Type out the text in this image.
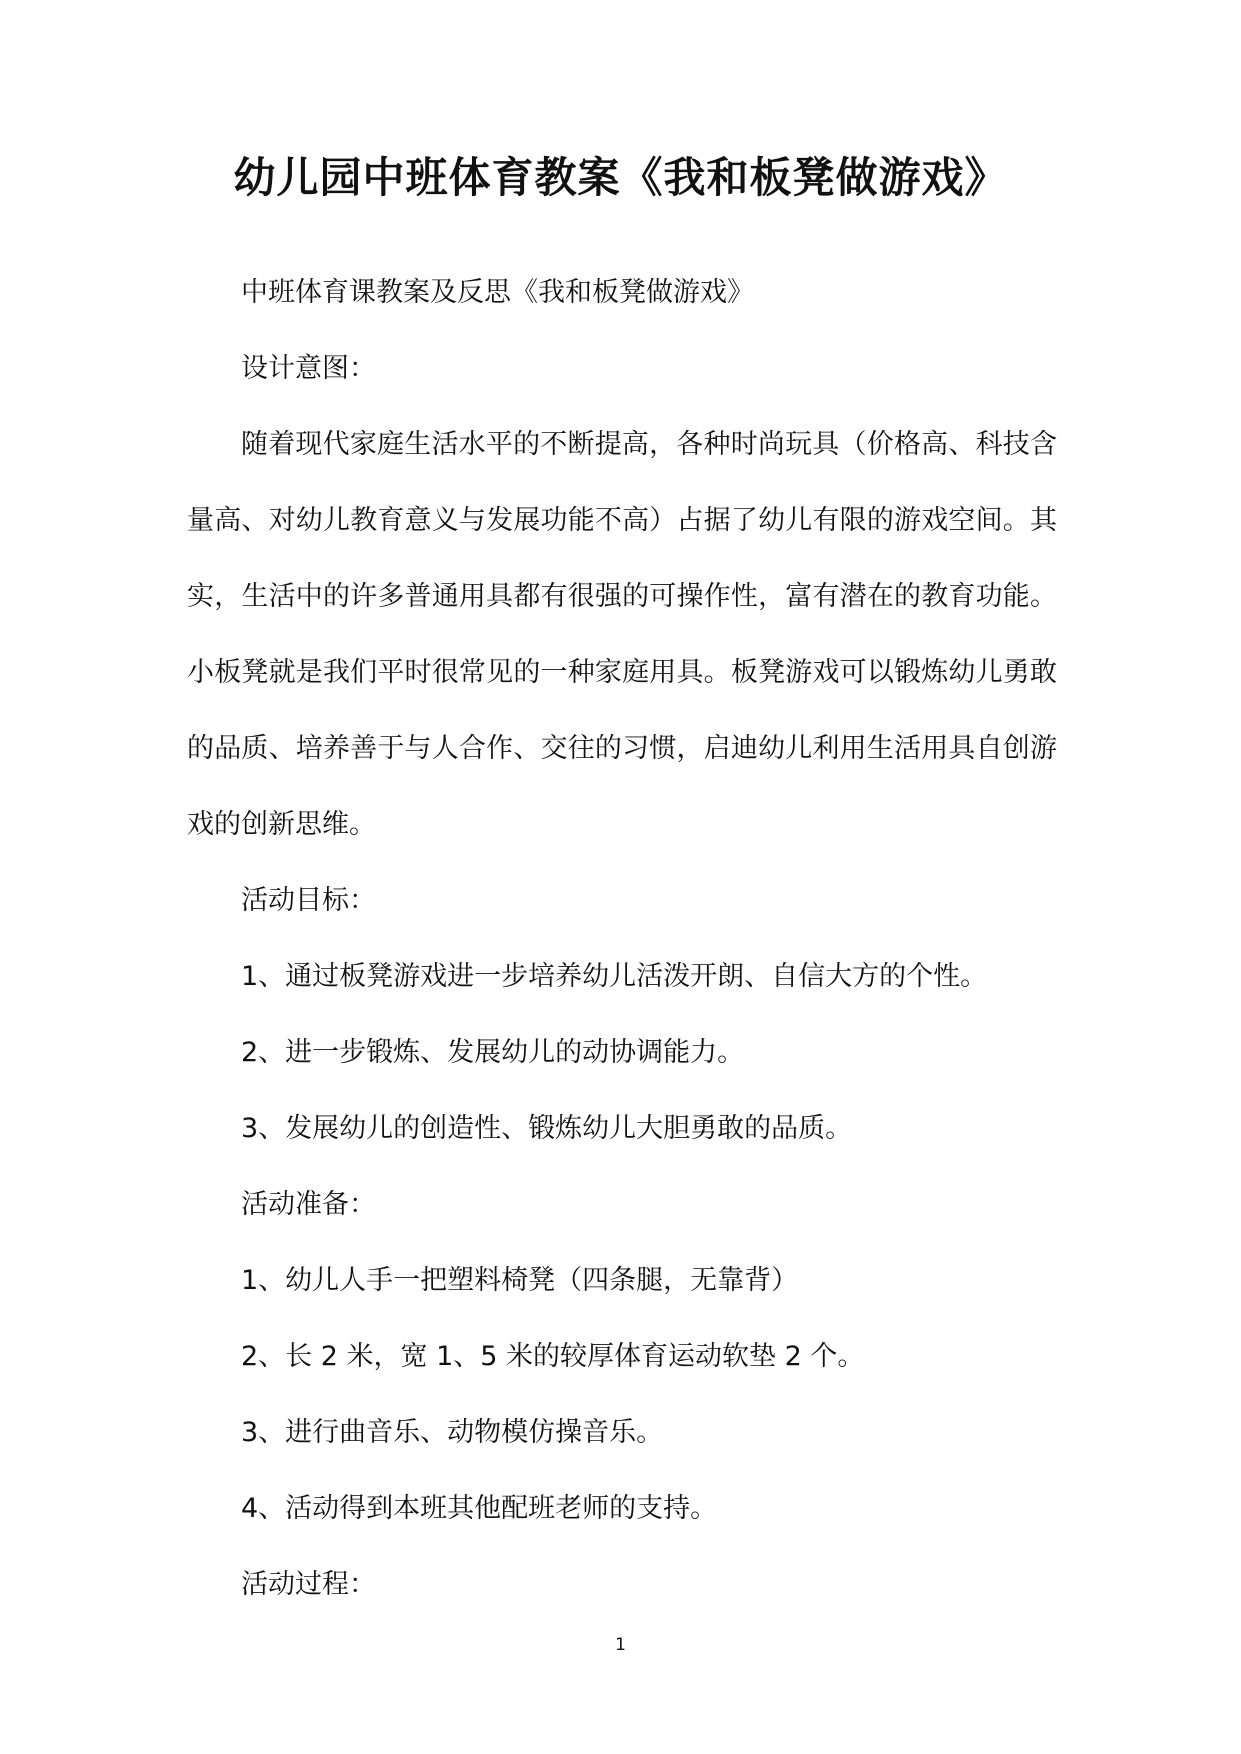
幼儿园中班体育教案《我和板凳做游戏》

中班体育课教案及反思《我和板凳做游戏》

设计意图：

随着现代家庭生活水平的不断提高，各种时尚玩具（价格高、科技含量高、对幼儿教育意义与发展功能不高）占据了幼儿有限的游戏空间。其实，生活中的许多普通用具都有很强的可操作性，富有潜在的教育功能。小板凳就是我们平时很常见的一种家庭用具。板凳游戏可以锻炼幼儿勇敢的品质、培养善于与人合作、交往的习惯，启迪幼儿利用生活用具自创游戏的创新思维。

活动目标：

1、通过板凳游戏进一步培养幼儿活泼开朗、自信大方的个性。

2、进一步锻炼、发展幼儿的动协调能力。

3、发展幼儿的创造性、锻炼幼儿大胆勇敢的品质。

活动准备：

1、幼儿人手一把塑料椅凳（四条腿，无靠背）

2、长 2 米，宽 1、5 米的较厚体育运动软垫 2 个。

3、进行曲音乐、动物模仿操音乐。

4、活动得到本班其他配班老师的支持。

活动过程：

1
